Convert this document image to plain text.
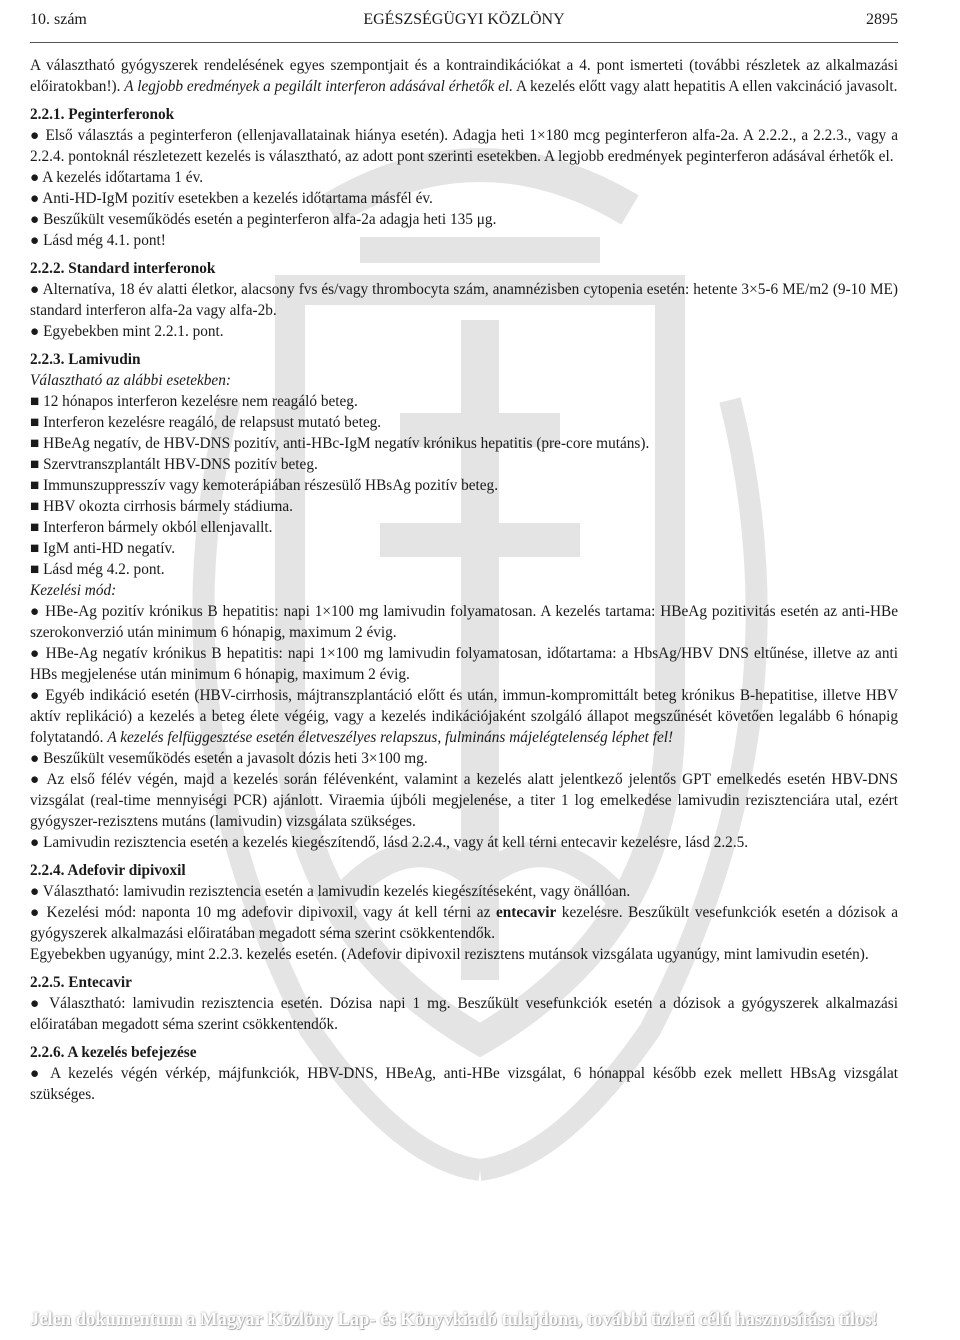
10. szám	EGÉSZSÉGÜGYI KÖZLÖNY	2895

A választható gyógyszerek rendelésének egyes szempontjait és a kontraindikációkat a 4. pont ismerteti (további részletek az alkalmazási előiratokban!). A legjobb eredmények a pegilált interferon adásával érhetők el. A kezelés előtt vagy alatt hepatitis A ellen vakcináció javasolt.

2.2.1. Peginterferonok

● Első választás a peginterferon (ellenjavallatainak hiánya esetén). Adagja heti 1×180 mcg peginterferon alfa-2a. A 2.2.2., a 2.2.3., vagy a 2.2.4. pontoknál részletezett kezelés is választható, az adott pont szerinti esetekben. A legjobb eredmények peginterferon adásával érhetők el.

● A kezelés időtartama 1 év.

● Anti-HD-IgM pozitív esetekben a kezelés időtartama másfél év.

● Beszűkült veseműködés esetén a peginterferon alfa-2a adagja heti 135 μg.

● Lásd még 4.1. pont!

2.2.2. Standard interferonok

● Alternatíva, 18 év alatti életkor, alacsony fvs és/vagy thrombocyta szám, anamnézisben cytopenia esetén: hetente 3×5-6 ME/m2 (9-10 ME) standard interferon alfa-2a vagy alfa-2b.

● Egyebekben mint 2.2.1. pont.

2.2.3. Lamivudin

Választható az alábbi esetekben:

■ 12 hónapos interferon kezelésre nem reagáló beteg.

■ Interferon kezelésre reagáló, de relapsust mutató beteg.

■ HBeAg negatív, de HBV-DNS pozitív, anti-HBc-IgM negatív krónikus hepatitis (pre-core mutáns).

■ Szervtranszplantált HBV-DNS pozitív beteg.

■ Immunszuppresszív vagy kemoterápiában részesülő HBsAg pozitív beteg.

■ HBV okozta cirrhosis bármely stádiuma.

■ Interferon bármely okból ellenjavallt.

■ IgM anti-HD negatív.

■ Lásd még 4.2. pont.

Kezelési mód:

● HBe-Ag pozitív krónikus B hepatitis: napi 1×100 mg lamivudin folyamatosan. A kezelés tartama: HBeAg pozitivitás esetén az anti-HBe szerokonverzió után minimum 6 hónapig, maximum 2 évig.

● HBe-Ag negatív krónikus B hepatitis: napi 1×100 mg lamivudin folyamatosan, időtartama: a HbsAg/HBV DNS eltűnése, illetve az anti HBs megjelenése után minimum 6 hónapig, maximum 2 évig.

● Egyéb indikáció esetén (HBV-cirrhosis, májtranszplantáció előtt és után, immun-kompromittált beteg krónikus B-hepatitise, illetve HBV aktív replikáció) a kezelés a beteg élete végéig, vagy a kezelés indikációjaként szolgáló állapot megszűnését követően legalább 6 hónapig folytatandó. A kezelés felfüggesztése esetén életveszélyes relapszus, fulmináns májelégtelenség léphet fel!

● Beszűkült veseműködés esetén a javasolt dózis heti 3×100 mg.

● Az első félév végén, majd a kezelés során félévenként, valamint a kezelés alatt jelentkező jelentős GPT emelkedés esetén HBV-DNS vizsgálat (real-time mennyiségi PCR) ajánlott. Viraemia újbóli megjelenése, a titer 1 log emelkedése lamivudin rezisztenciára utal, ezért gyógyszer-rezisztens mutáns (lamivudin) vizsgálata szükséges.

● Lamivudin rezisztencia esetén a kezelés kiegészítendő, lásd 2.2.4., vagy át kell térni entecavir kezelésre, lásd 2.2.5.

2.2.4. Adefovir dipivoxil

● Választható: lamivudin rezisztencia esetén a lamivudin kezelés kiegészítéseként, vagy önállóan.

● Kezelési mód: naponta 10 mg adefovir dipivoxil, vagy át kell térni az entecavir kezelésre. Beszűkült vesefunkciók esetén a dózisok a gyógyszerek alkalmazási előiratában megadott séma szerint csökkentendők.

Egyebekben ugyanúgy, mint 2.2.3. kezelés esetén. (Adefovir dipivoxil rezisztens mutánsok vizsgálata ugyanúgy, mint lamivudin esetén).

2.2.5. Entecavir

● Választható: lamivudin rezisztencia esetén. Dózisa napi 1 mg. Beszűkült vesefunkciók esetén a dózisok a gyógyszerek alkalmazási előiratában megadott séma szerint csökkentendők.

2.2.6. A kezelés befejezése

● A kezelés végén vérkép, májfunkciók, HBV-DNS, HBeAg, anti-HBe vizsgálat, 6 hónappal később ezek mellett HBsAg vizsgálat szükséges.

Jelen dokumentum a Magyar Közlöny Lap- és Könyvkiadó tulajdona, további üzleti célú hasznosítása tilos!
